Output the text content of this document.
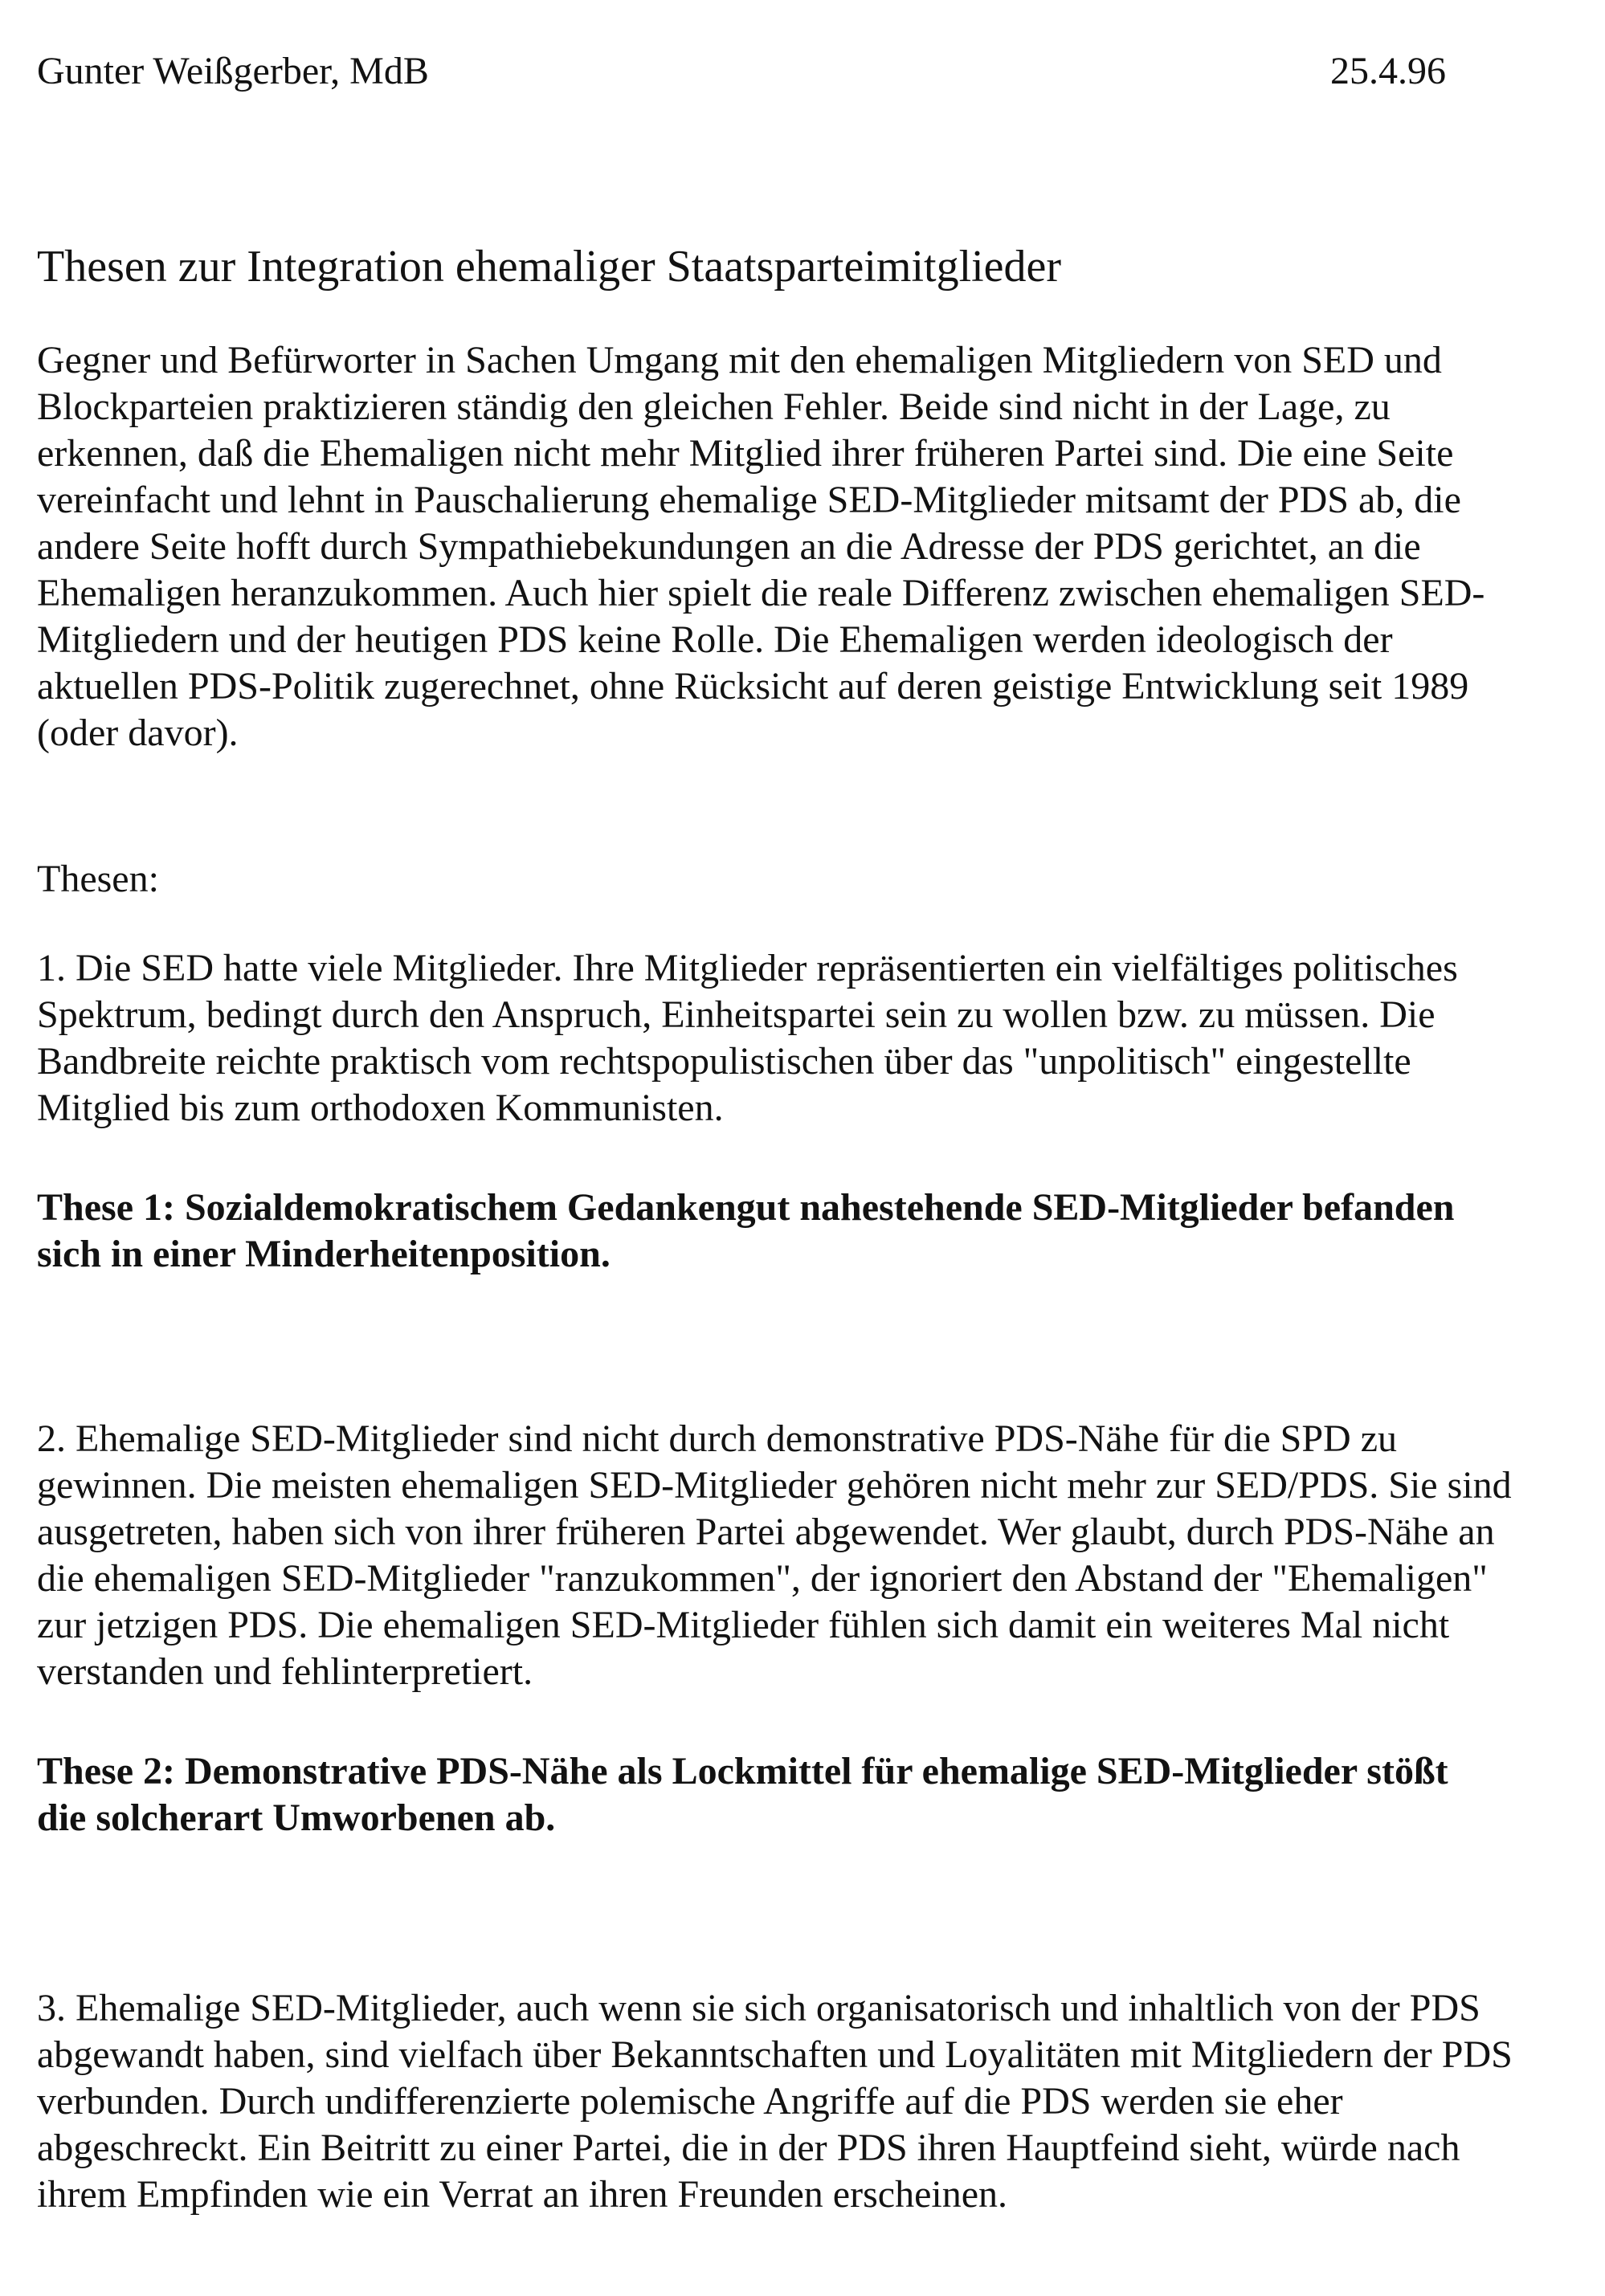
Gunter Weißgerber, MdB	25.4.96
Thesen zur Integration ehemaliger Staatsparteimitglieder
Gegner und Befürworter in Sachen Umgang mit den ehemaligen Mitgliedern von SED und
Blockparteien praktizieren ständig den gleichen Fehler. Beide sind nicht in der Lage, zu
erkennen, daß die Ehemaligen nicht mehr Mitglied ihrer früheren Partei sind. Die eine Seite
vereinfacht und lehnt in Pauschalierung ehemalige SED-Mitglieder mitsamt der PDS ab, die
andere Seite hofft durch Sympathiebekundungen an die Adresse der PDS gerichtet, an die
Ehemaligen heranzukommen. Auch hier spielt die reale Differenz zwischen ehemaligen SED-
Mitgliedern und der heutigen PDS keine Rolle. Die Ehemaligen werden ideologisch der
aktuellen PDS-Politik zugerechnet, ohne Rücksicht auf deren geistige Entwicklung seit 1989
(oder davor).
Thesen:
1. Die SED hatte viele Mitglieder. Ihre Mitglieder repräsentierten ein vielfältiges politisches
Spektrum, bedingt durch den Anspruch, Einheitspartei sein zu wollen bzw. zu müssen. Die
Bandbreite reichte praktisch vom rechtspopulistischen über das "unpolitisch" eingestellte
Mitglied bis zum orthodoxen Kommunisten.
These 1: Sozialdemokratischem Gedankengut nahestehende SED-Mitglieder befanden
sich in einer Minderheitenposition.
2. Ehemalige SED-Mitglieder sind nicht durch demonstrative PDS-Nähe für die SPD zu
gewinnen. Die meisten ehemaligen SED-Mitglieder gehören nicht mehr zur SED/PDS. Sie sind
ausgetreten, haben sich von ihrer früheren Partei abgewendet. Wer glaubt, durch PDS-Nähe an
die ehemaligen SED-Mitglieder "ranzukommen", der ignoriert den Abstand der "Ehemaligen"
zur jetzigen PDS. Die ehemaligen SED-Mitglieder fühlen sich damit ein weiteres Mal nicht
verstanden und fehlinterpretiert.
These 2: Demonstrative PDS-Nähe als Lockmittel für ehemalige SED-Mitglieder stößt
die solcherart Umworbenen ab.
3. Ehemalige SED-Mitglieder, auch wenn sie sich organisatorisch und inhaltlich von der PDS
abgewandt haben, sind vielfach über Bekanntschaften und Loyalitäten mit Mitgliedern der PDS
verbunden. Durch undifferenzierte polemische Angriffe auf die PDS werden sie eher
abgeschreckt. Ein Beitritt zu einer Partei, die in der PDS ihren Hauptfeind sieht, würde nach
ihrem Empfinden wie ein Verrat an ihren Freunden erscheinen.
